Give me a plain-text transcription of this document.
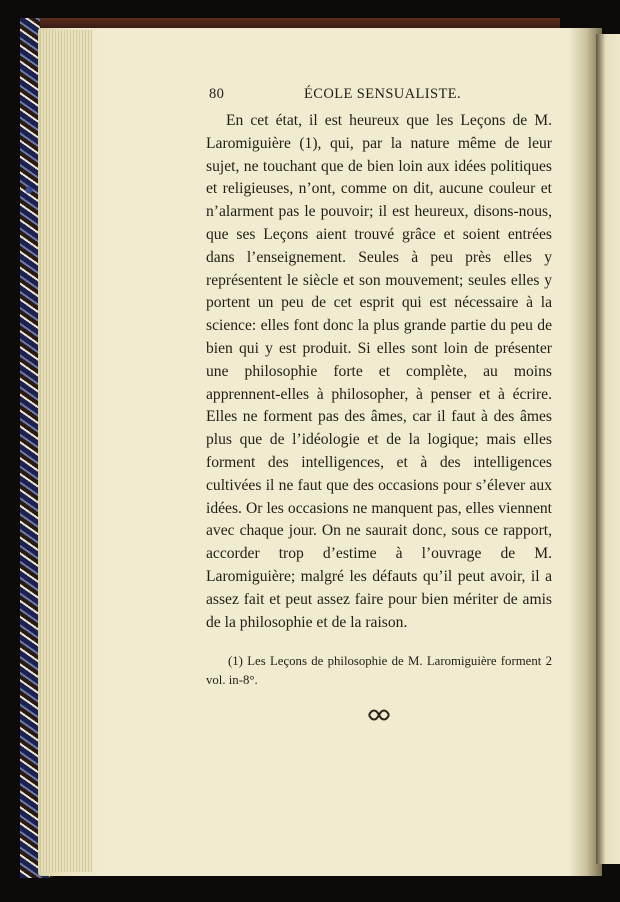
80	ÉCOLE SENSUALISTE.

En cet état, il est heureux que les Leçons de M. Laromiguière (1), qui, par la nature même de leur sujet, ne touchant que de bien loin aux idées politiques et religieuses, n’ont, comme on dit, aucune couleur et n’alarment pas le pouvoir; il est heureux, disons-nous, que ses Leçons aient trouvé grâce et soient entrées dans l’enseignement. Seules à peu près elles y représentent le siècle et son mouvement; seules elles y portent un peu de cet esprit qui est nécessaire à la science: elles font donc la plus grande partie du peu de bien qui y est produit. Si elles sont loin de présenter une philosophie forte et complète, au moins apprennent-elles à philosopher, à penser et à écrire. Elles ne forment pas des âmes, car il faut à des âmes plus que de l’idéologie et de la logique; mais elles forment des intelligences, et à des intelligences cultivées il ne faut que des occasions pour s’élever aux idées. Or les occasions ne manquent pas, elles viennent avec chaque jour. On ne saurait donc, sous ce rapport, accorder trop d’estime à l’ouvrage de M. Laromiguière; malgré les défauts qu’il peut avoir, il a assez fait et peut assez faire pour bien mériter de amis de la philosophie et de la raison.

(1) Les Leçons de philosophie de M. Laromiguière forment 2 vol. in-8°.
